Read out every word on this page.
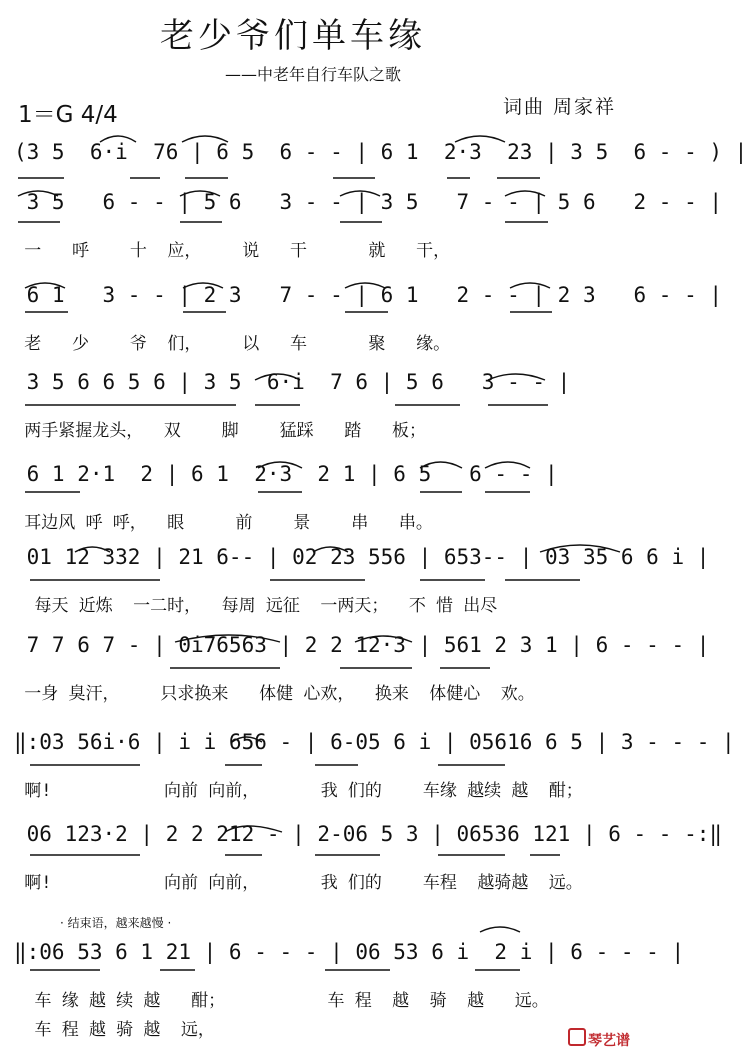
老少爷们单车缘
——中老年自行车队之歌
1＝G 4/4	词曲 周家祥
(3 5  6·i  76 | 6 5  6 - - | 6 1  2·3  23 | 3 5  6 - - ) |
3 5   6 - - | 5 6   3 - - | 3 5   7 - - | 5 6   2 - - |
一   呼    十  应，    说   干      就   干，
6 1   3 - - | 2 3   7 - - | 6 1   2 - - | 2 3   6 - - |
老   少    爷  们，    以   车      聚   缘。
3 5 6 6 5 6 | 3 5  6·i  7 6 | 5 6   3 - - |
两手紧握龙头，  双    脚    猛踩   踏   板；
6 1 2·1  2 | 6 1  2·3  2 1 | 6 5   6 - - |
耳边风 呼 呼，  眼     前    景    串   串。
01 12 332 | 21 6-- | 02 23 556 | 653-- | 03 35 6 6 i |
每天 近炼  一二时，  每周 远征  一两天；  不 惜 出尽
7 7 6 7 - | 0i76563 | 2 2 12·3 | 561 2 3 1 | 6 - - - |
一身 臭汗，    只求换来   体健 心欢，  换来  体健心  欢。
‖:03 56i·6 | i i 656 - | 6-05 6 i | 05616 6 5 | 3 - - - |
啊!           向前 向前，      我 们的    车缘 越续 越  酣；
06 123·2 | 2 2 212 - | 2-06 5 3 | 06536 121 | 6 - - -:‖
啊!           向前 向前，      我 们的    车程  越骑越  远。
‖:06 53 6 1 21 | 6 - - - | 06 53 6 i  2 i | 6 - - - |
车 缘 越 续 越   酣；          车 程  越  骑  越   远。
车 程 越 骑 越  远，
· 结束语，越来越慢 ·
琴艺谱
